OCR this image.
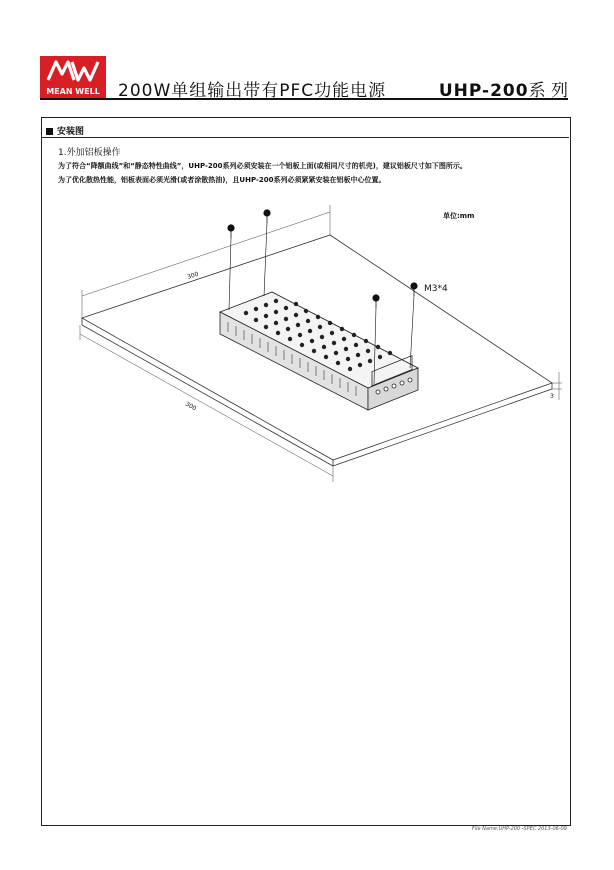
MEAN WELL	200W单组输出带有PFC功能电源	UHP-200系 列
安装图
1.外加铝板操作
为了符合“降额曲线”和“静态特性曲线”，UHP-200系列必须安装在一个铝板上面(或相同尺寸的机壳)，建议铝板尺寸如下图所示。
为了优化散热性能，铝板表面必须光滑(或者涂散热油)，且UHP-200系列必须紧紧安装在铝板中心位置。
单位:mm
300
300
3
M3*4
File Name:UHP-200 -SPEC 2013-06-09
